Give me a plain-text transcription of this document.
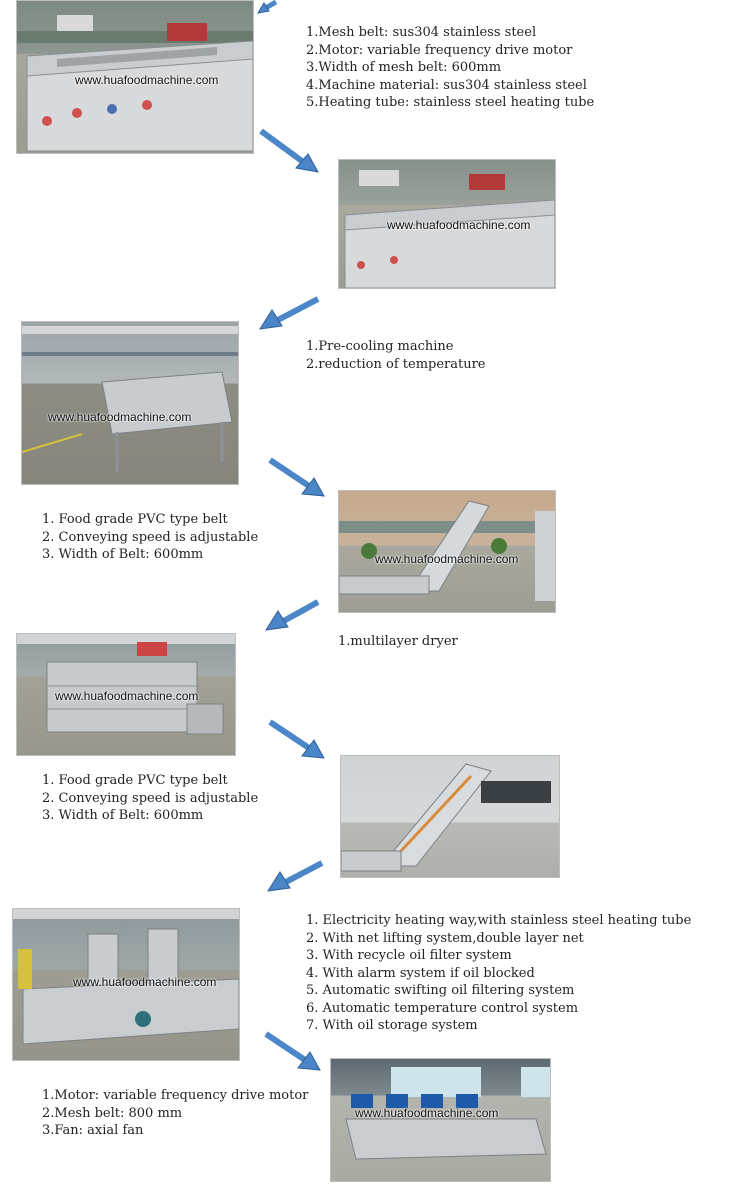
www.huafoodmachine.com
1.Mesh belt: sus304 stainless steel
2.Motor: variable frequency drive motor
3.Width of mesh belt: 600mm
4.Machine material: sus304 stainless steel
5.Heating tube: stainless steel heating tube
www.huafoodmachine.com
www.huafoodmachine.com
1.Pre-cooling machine
2.reduction of temperature
www.huafoodmachine.com
1. Food grade PVC type belt
2. Conveying speed is adjustable
3. Width of Belt: 600mm
1.multilayer dryer
www.huafoodmachine.com
1. Food grade PVC type belt
2. Conveying speed is adjustable
3. Width of Belt: 600mm
www.huafoodmachine.com
1. Electricity heating way,with stainless steel heating tube
2. With net lifting system,double layer net
3. With recycle oil filter system
4. With alarm system if oil blocked
5. Automatic swifting oil filtering system
6. Automatic temperature control system
7. With oil storage system
1.Motor: variable frequency drive motor
2.Mesh belt: 800 mm
3.Fan: axial fan
www.huafoodmachine.com
